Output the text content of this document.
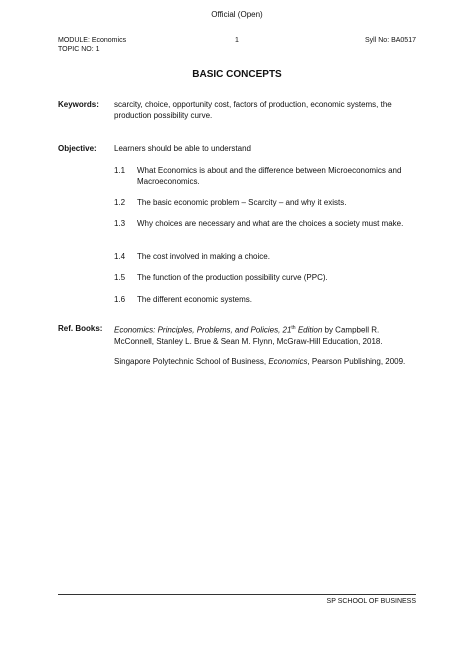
Official (Open)
MODULE: Economics
TOPIC NO: 1
1	Syll No: BA0517
BASIC CONCEPTS
Keywords: scarcity, choice, opportunity cost, factors of production, economic systems, the production possibility curve.
Objective: Learners should be able to understand
1.1 What Economics is about and the difference between Microeconomics and Macroeconomics.
1.2 The basic economic problem – Scarcity – and why it exists.
1.3 Why choices are necessary and what are the choices a society must make.
1.4 The cost involved in making a choice.
1.5 The function of the production possibility curve (PPC).
1.6 The different economic systems.
Ref. Books: Economics: Principles, Problems, and Policies, 21th Edition by Campbell R. McConnell, Stanley L. Brue & Sean M. Flynn, McGraw-Hill Education, 2018.
Singapore Polytechnic School of Business, Economics, Pearson Publishing, 2009.
SP SCHOOL OF BUSINESS
